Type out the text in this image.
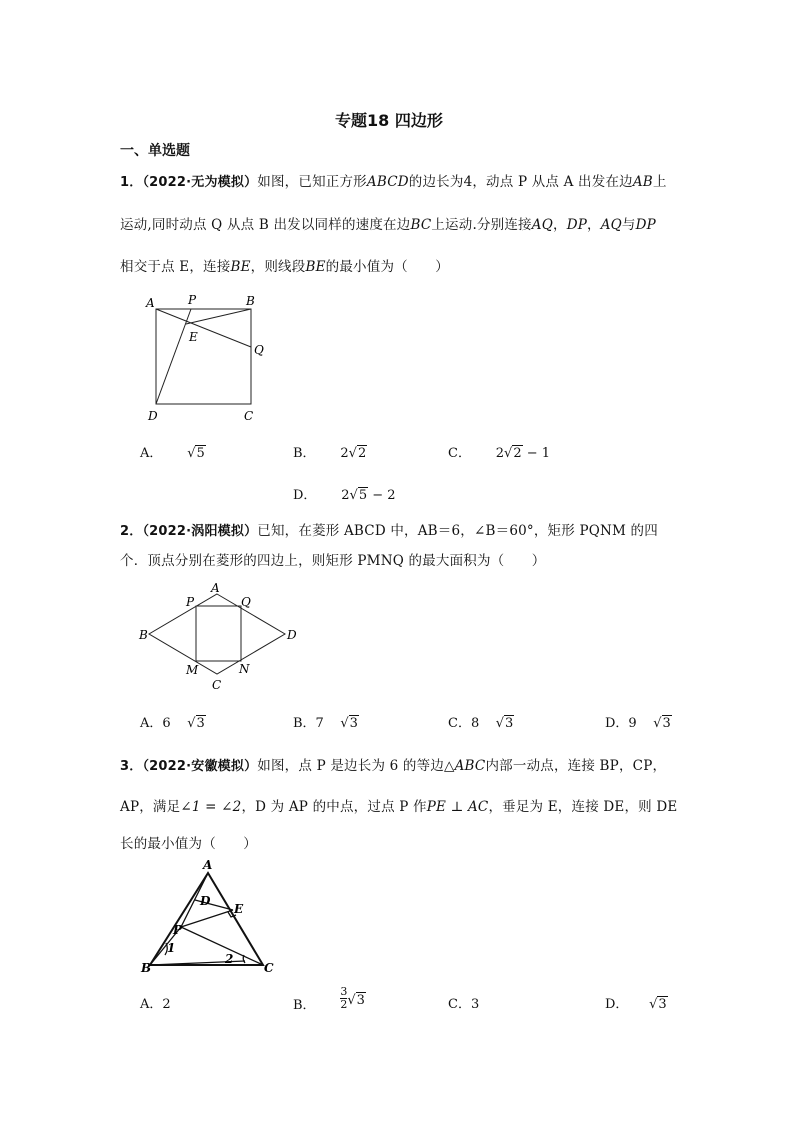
专题18 四边形
一、单选题
1．（2022·无为模拟）如图，已知正方形ABCD的边长为4，动点 P 从点 A 出发在边AB上
运动,同时动点 Q 从点 B 出发以同样的速度在边BC上运动.分别连接AQ，DP，AQ与DP
相交于点 E，连接BE，则线段BE的最小值为（　　）
A	P	B
E
Q
D	C
A． √5	B． 2√2	C． 2√2 − 1
D． 2√5 − 2
2．（2022·涡阳模拟）已知，在菱形 ABCD 中，AB＝6，∠B＝60°，矩形 PQNM 的四
个．顶点分别在菱形的四边上，则矩形 PMNQ 的最大面积为（　　）
A
P	Q
B	D
M	N
C
A．6 √3	B．7 √3	C．8 √3	D．9 √3
3．（2022·安徽模拟）如图，点 P 是边长为 6 的等边△ABC内部一动点，连接 BP，CP，
AP，满足∠1 = ∠2，D 为 AP 的中点，过点 P 作PE ⊥ AC，垂足为 E，连接 DE，则 DE
长的最小值为（　　）
A
D
E
P
1
2
B	C
A．2	B． $\frac{3}{2} √3$	C．3	D． √3
